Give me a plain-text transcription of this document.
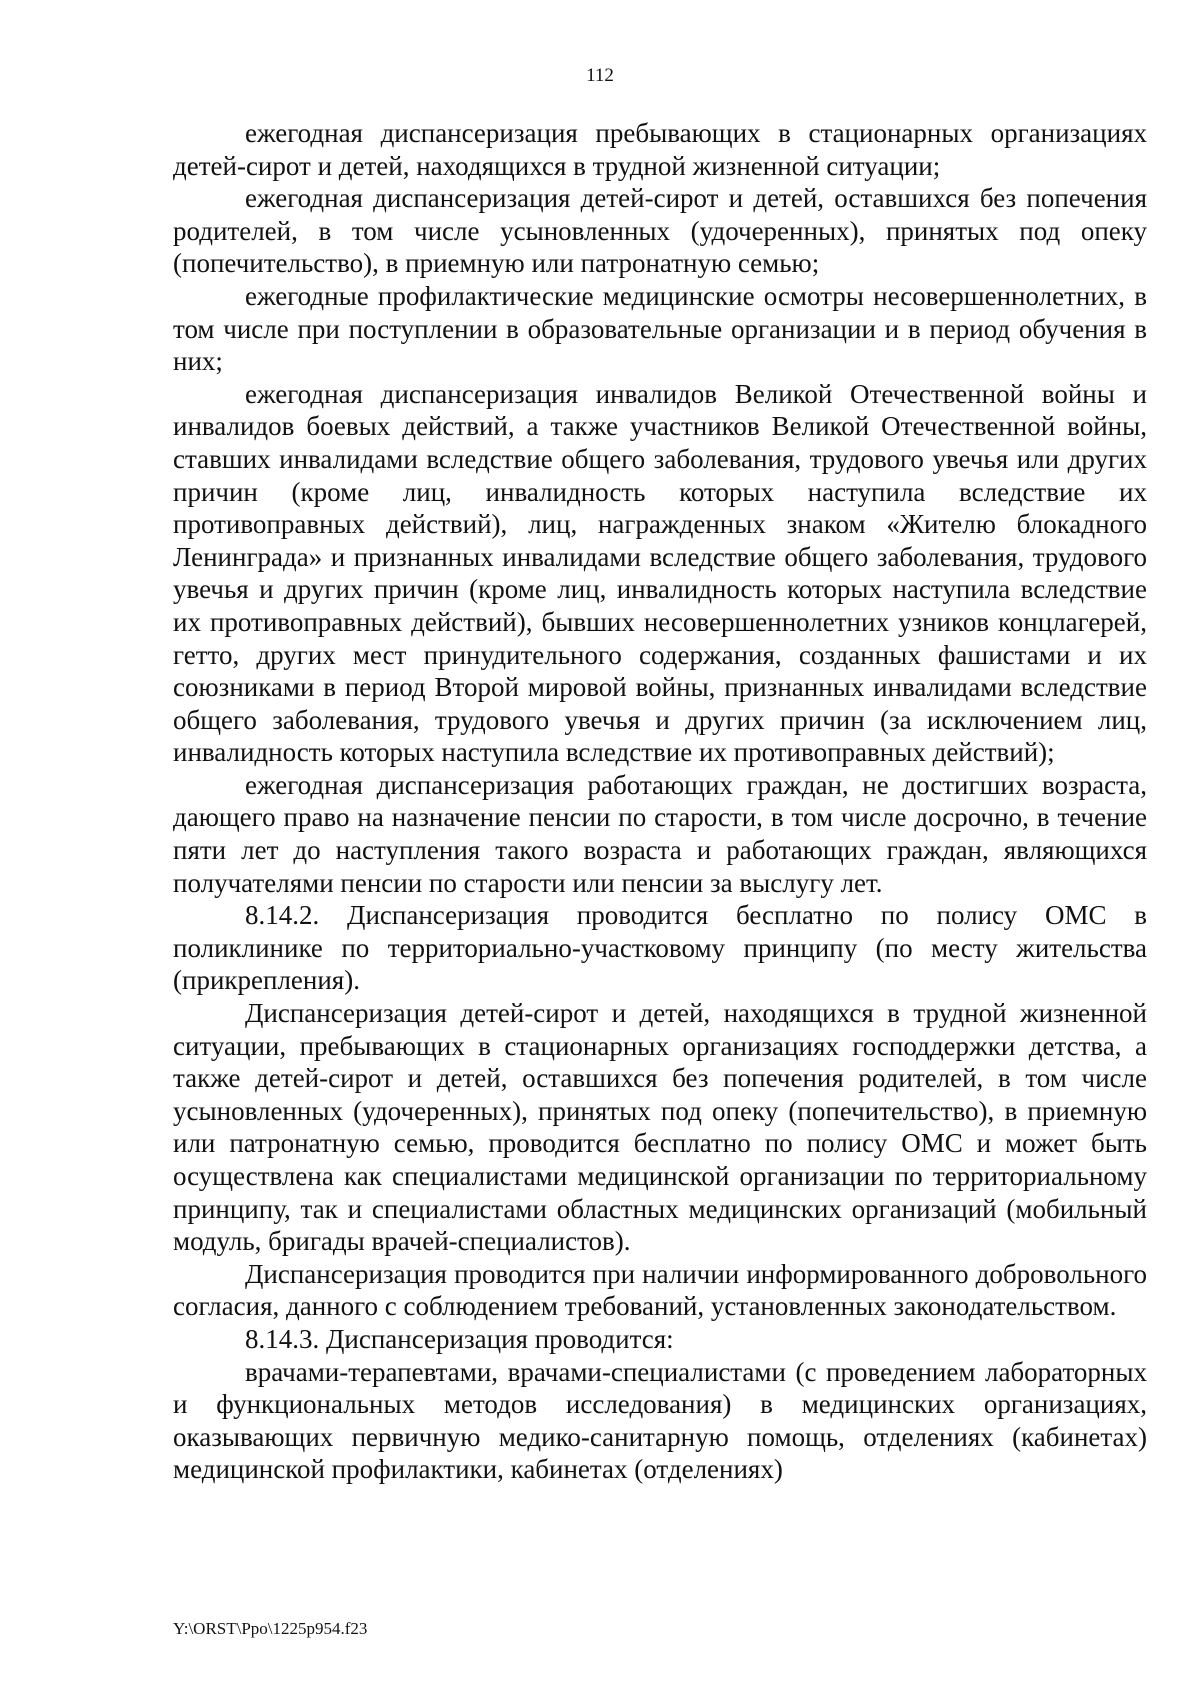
112

ежегодная диспансеризация пребывающих в стационарных организациях детей-сирот и детей, находящихся в трудной жизненной ситуации;

ежегодная диспансеризация детей-сирот и детей, оставшихся без попечения родителей, в том числе усыновленных (удочеренных), принятых под опеку (попечительство), в приемную или патронатную семью;

ежегодные профилактические медицинские осмотры несовершеннолетних, в том числе при поступлении в образовательные организации и в период обучения в них;

ежегодная диспансеризация инвалидов Великой Отечественной войны и инвалидов боевых действий, а также участников Великой Отечественной войны, ставших инвалидами вследствие общего заболевания, трудового увечья или других причин (кроме лиц, инвалидность которых наступила вследствие их противоправных действий), лиц, награжденных знаком «Жителю блокадного Ленинграда» и признанных инвалидами вследствие общего заболевания, трудового увечья и других причин (кроме лиц, инвалидность которых наступила вследствие их противоправных действий), бывших несовершеннолетних узников концлагерей, гетто, других мест принудительного содержания, созданных фашистами и их союзниками в период Второй мировой войны, признанных инвалидами вследствие общего заболевания, трудового увечья и других причин (за исключением лиц, инвалидность которых наступила вследствие их противоправных действий);

ежегодная диспансеризация работающих граждан, не достигших возраста, дающего право на назначение пенсии по старости, в том числе досрочно, в течение пяти лет до наступления такого возраста и работающих граждан, являющихся получателями пенсии по старости или пенсии за выслугу лет.

8.14.2. Диспансеризация проводится бесплатно по полису ОМС в поликлинике по территориально-участковому принципу (по месту жительства (прикрепления).

Диспансеризация детей-сирот и детей, находящихся в трудной жизненной ситуации, пребывающих в стационарных организациях господдержки детства, а также детей-сирот и детей, оставшихся без попечения родителей, в том числе усыновленных (удочеренных), принятых под опеку (попечительство), в приемную или патронатную семью, проводится бесплатно по полису ОМС и может быть осуществлена как специалистами медицинской организации по территориальному принципу, так и специалистами областных медицинских организаций (мобильный модуль, бригады врачей-специалистов).

Диспансеризация проводится при наличии информированного добровольного согласия, данного с соблюдением требований, установленных законодательством.

8.14.3. Диспансеризация проводится:

врачами-терапевтами, врачами-специалистами (с проведением лабораторных и функциональных методов исследования) в медицинских организациях, оказывающих первичную медико-санитарную помощь, отделениях (кабинетах) медицинской профилактики, кабинетах (отделениях)

Y:\ORST\Ppo\1225p954.f23
